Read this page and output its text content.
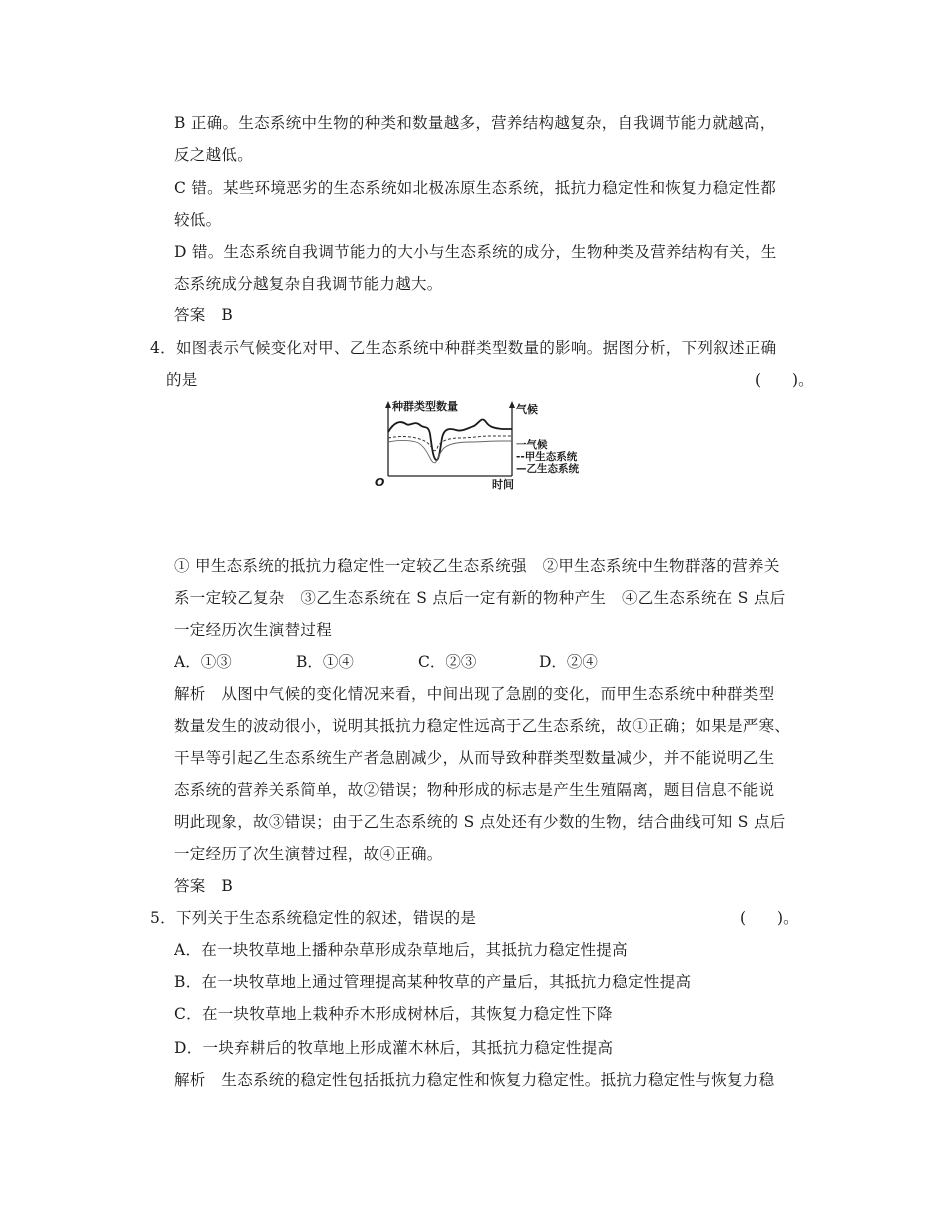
B 正确。生态系统中生物的种类和数量越多，营养结构越复杂，自我调节能力就越高，
反之越低。
C 错。某些环境恶劣的生态系统如北极冻原生态系统，抵抗力稳定性和恢复力稳定性都
较低。
D 错。生态系统自我调节能力的大小与生态系统的成分，生物种类及营养结构有关，生
态系统成分越复杂自我调节能力越大。
答案　B
4．如图表示气候变化对甲、乙生态系统中种群类型数量的影响。据图分析，下列叙述正确
的是	(　　)。
种群类型数量	气候
O	时间
一气候
--甲生态系统
—乙生态系统
① 甲生态系统的抵抗力稳定性一定较乙生态系统强　②甲生态系统中生物群落的营养关
系一定较乙复杂　③乙生态系统在 S 点后一定有新的物种产生　④乙生态系统在 S 点后
一定经历次生演替过程
A．①③	B．①④	C．②③	D．②④
解析　从图中气候的变化情况来看，中间出现了急剧的变化，而甲生态系统中种群类型
数量发生的波动很小，说明其抵抗力稳定性远高于乙生态系统，故①正确；如果是严寒、
干旱等引起乙生态系统生产者急剧减少，从而导致种群类型数量减少，并不能说明乙生
态系统的营养关系简单，故②错误；物种形成的标志是产生生殖隔离，题目信息不能说
明此现象，故③错误；由于乙生态系统的 S 点处还有少数的生物，结合曲线可知 S 点后
一定经历了次生演替过程，故④正确。
答案　B
5．下列关于生态系统稳定性的叙述，错误的是	(　　)。
A．在一块牧草地上播种杂草形成杂草地后，其抵抗力稳定性提高
B．在一块牧草地上通过管理提高某种牧草的产量后，其抵抗力稳定性提高
C．在一块牧草地上栽种乔木形成树林后，其恢复力稳定性下降
D．一块弃耕后的牧草地上形成灌木林后，其抵抗力稳定性提高
解析　生态系统的稳定性包括抵抗力稳定性和恢复力稳定性。抵抗力稳定性与恢复力稳
